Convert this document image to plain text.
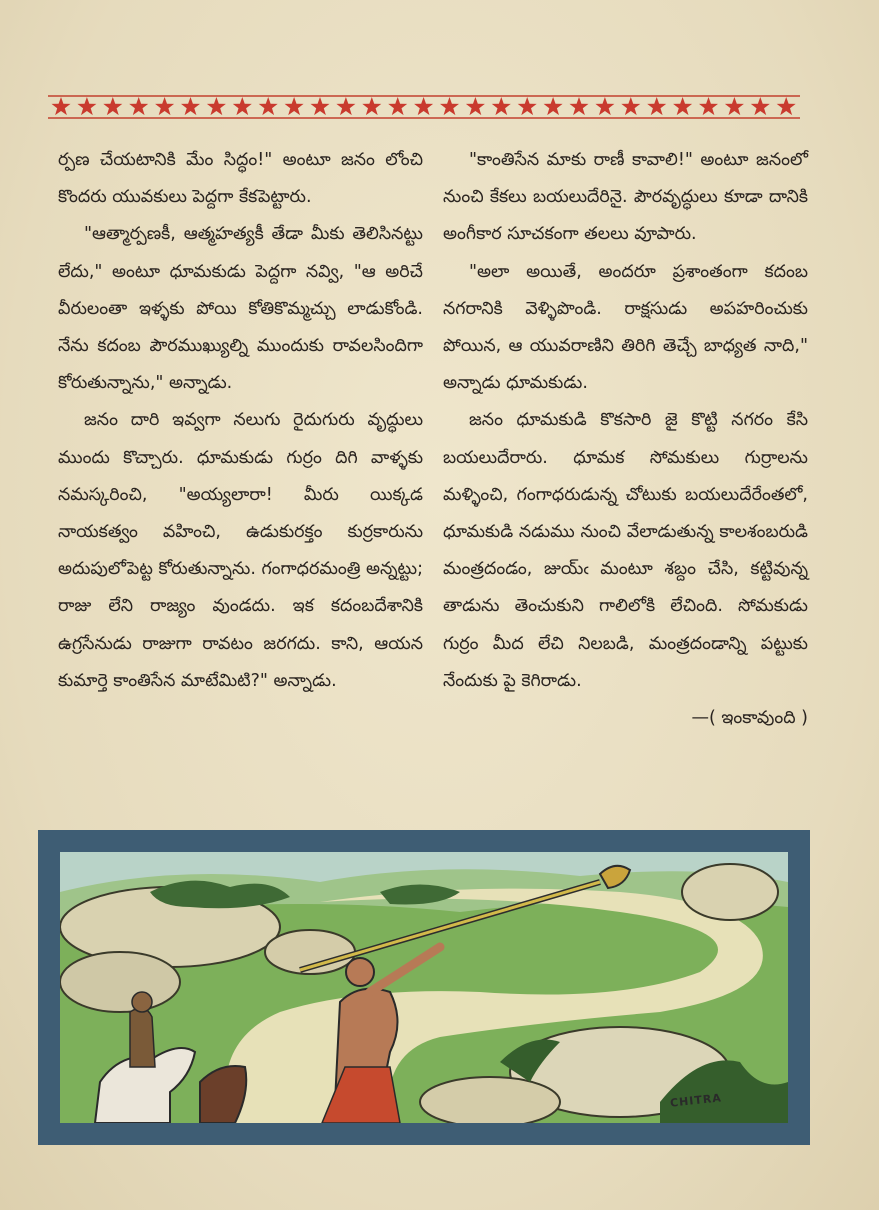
ర్పణ చేయటానికి మేం సిద్ధం!" అంటూ జనం లోంచి కొందరు యువకులు పెద్దగా కేకపెట్టారు.

"ఆత్మార్పణకీ, ఆత్మహత్యకీ తేడా మీకు తెలిసినట్టు లేదు," అంటూ ధూమకుడు పెద్దగా నవ్వి, "ఆ అరిచే వీరులంతా ఇళ్ళకు పోయి కోతికొమ్మచ్చు లాడుకోండి. నేను కదంబ పౌరముఖ్యుల్ని ముందుకు రావలసిందిగా కోరుతున్నాను," అన్నాడు.

జనం దారి ఇవ్వగా నలుగు రైదుగురు వృద్ధులు ముందు కొచ్చారు. ధూమకుడు గుర్రం దిగి వాళ్ళకు నమస్కరించి, "అయ్యలారా! మీరు యిక్కడ నాయకత్వం వహించి, ఉడుకురక్తం కుర్రకారును అదుపులోపెట్ట కోరుతున్నాను. గంగాధరమంత్రి అన్నట్టు; రాజు లేని రాజ్యం వుండదు. ఇక కదంబదేశానికి ఉగ్రసేనుడు రాజుగా రావటం జరగదు. కాని, ఆయన కుమార్తె కాంతిసేన మాటేమిటి?" అన్నాడు.

"కాంతిసేన మాకు రాణీ కావాలి!" అంటూ జనంలో నుంచి కేకలు బయలుదేరినై. పౌరవృద్ధులు కూడా దానికి అంగీకార సూచకంగా తలలు వూపారు.

"అలా అయితే, అందరూ ప్రశాంతంగా కదంబ నగరానికి వెళ్ళిపొండి. రాక్షసుడు అపహరించుకు పోయిన, ఆ యువరాణిని తిరిగి తెచ్చే బాధ్యత నాది," అన్నాడు ధూమకుడు.

జనం ధూమకుడి కొకసారి జై కొట్టి నగరం కేసి బయలుదేరారు. ధూమక సోమకులు గుర్రాలను మళ్ళించి, గంగాధరుడున్న చోటుకు బయలుదేరేంతలో, ధూమకుడి నడుము నుంచి వేలాడుతున్న కాలశంబరుడి మంత్రదండం, జుయ్ఁ మంటూ శబ్దం చేసి, కట్టివున్న తాడును తెంచుకుని గాలిలోకి లేచింది. సోమకుడు గుర్రం మీద లేచి నిలబడి, మంత్రదండాన్ని పట్టుకు నేందుకు పై కెగిరాడు.

—( ఇంకావుంది )

CHITRA
